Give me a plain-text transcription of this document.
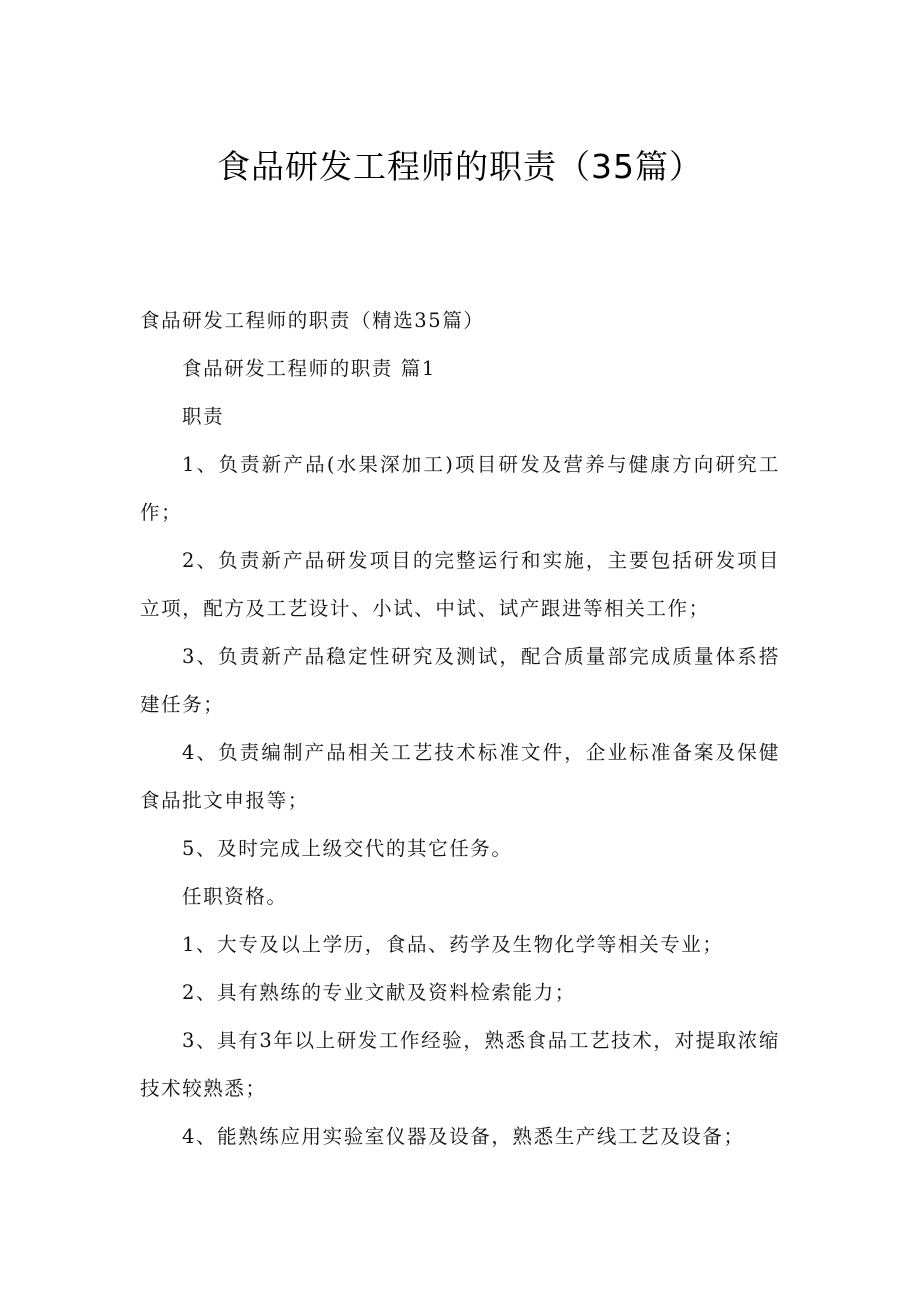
食品研发工程师的职责（35篇）

食品研发工程师的职责（精选35篇）

食品研发工程师的职责 篇1

职责

1、负责新产品(水果深加工)项目研发及营养与健康方向研究工作；

2、负责新产品研发项目的完整运行和实施，主要包括研发项目立项，配方及工艺设计、小试、中试、试产跟进等相关工作；

3、负责新产品稳定性研究及测试，配合质量部完成质量体系搭建任务；

4、负责编制产品相关工艺技术标准文件，企业标准备案及保健食品批文申报等；

5、及时完成上级交代的其它任务。

任职资格。

1、大专及以上学历，食品、药学及生物化学等相关专业；

2、具有熟练的专业文献及资料检索能力；

3、具有3年以上研发工作经验，熟悉食品工艺技术，对提取浓缩技术较熟悉；

4、能熟练应用实验室仪器及设备，熟悉生产线工艺及设备；
